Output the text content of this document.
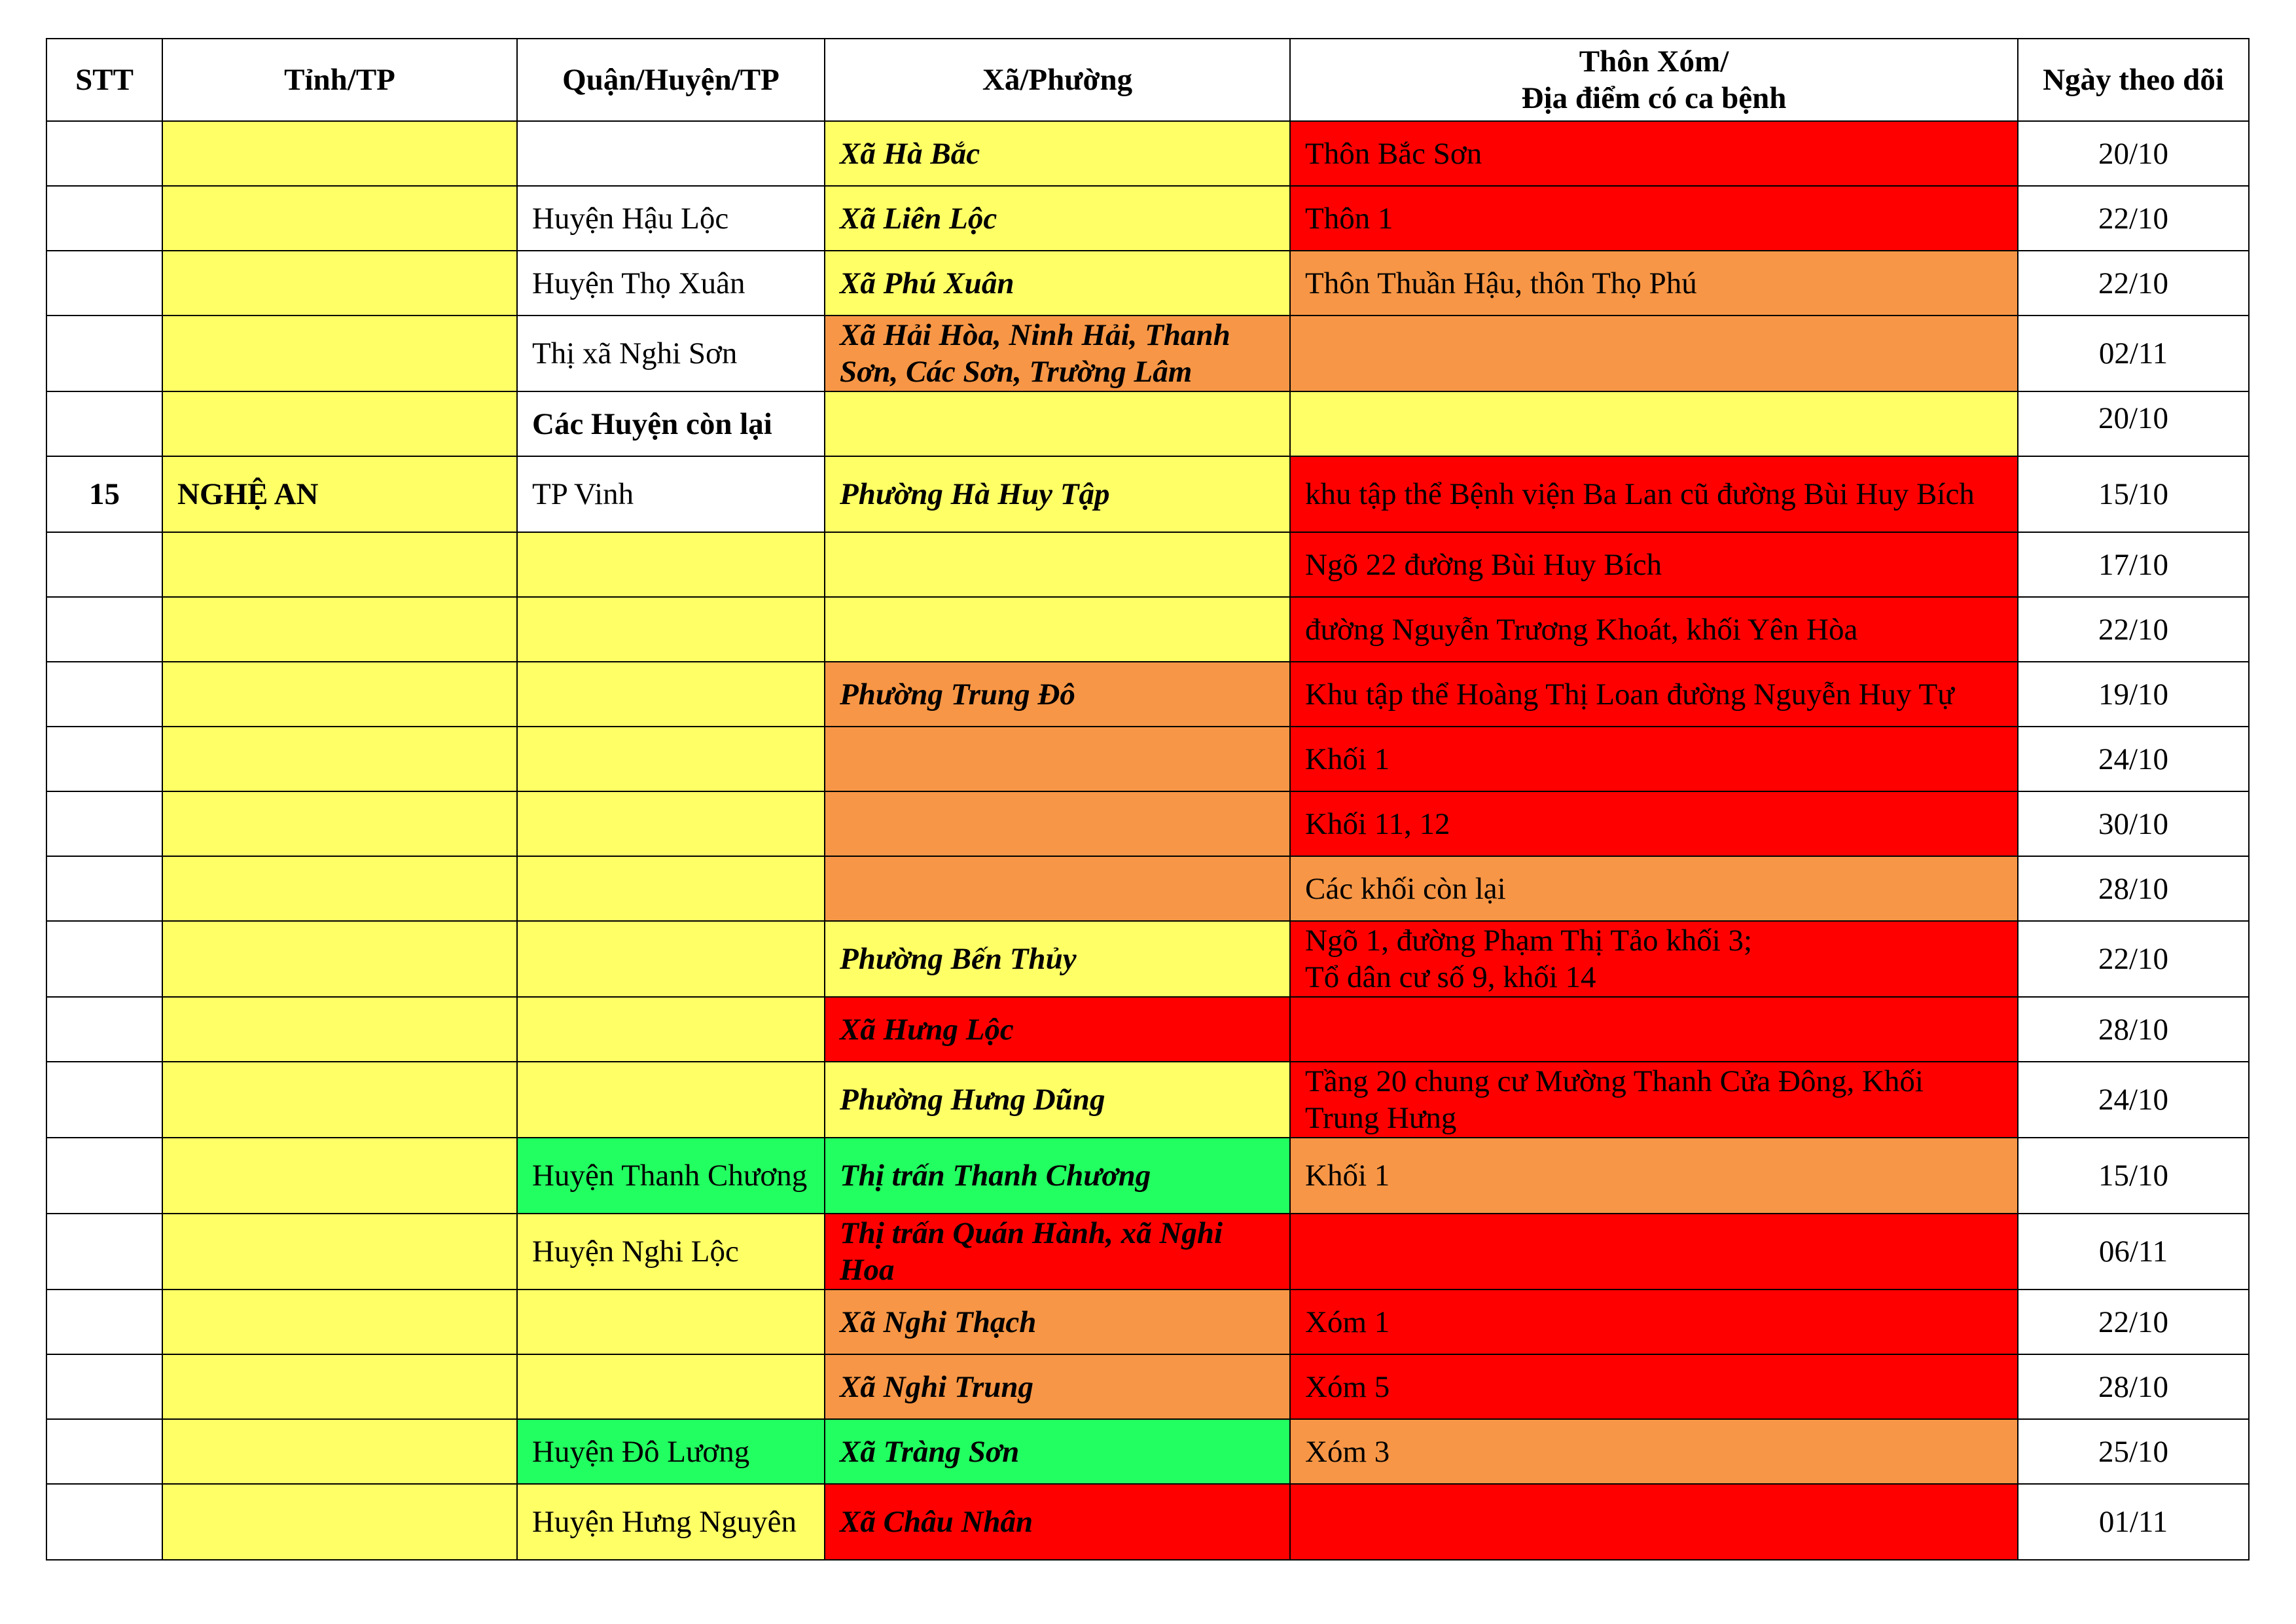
STT	Tỉnh/TP	Quận/Huyện/TP	Xã/Phường	Thôn Xóm/
Địa điểm có ca bệnh	Ngày theo dõi
			Xã Hà Bắc	Thôn Bắc Sơn	20/10
		Huyện Hậu Lộc	Xã Liên Lộc	Thôn 1	22/10
		Huyện Thọ Xuân	Xã Phú Xuân	Thôn Thuần Hậu, thôn Thọ Phú	22/10
		Thị xã Nghi Sơn	Xã Hải Hòa, Ninh Hải, Thanh Sơn, Các Sơn, Trường Lâm		02/11
		Các Huyện còn lại			20/10
15	NGHỆ AN	TP Vinh	Phường Hà Huy Tập	khu tập thể Bệnh viện Ba Lan cũ đường Bùi Huy Bích	15/10
				Ngõ 22 đường Bùi Huy Bích	17/10
				đường Nguyễn Trương Khoát, khối Yên Hòa	22/10
			Phường Trung Đô	Khu tập thể Hoàng Thị Loan đường Nguyễn Huy Tự	19/10
				Khối 1	24/10
				Khối 11, 12	30/10
				Các khối còn lại	28/10
			Phường Bến Thủy	Ngõ 1, đường Phạm Thị Tảo khối 3;
Tổ dân cư số 9, khối 14	22/10
			Xã Hưng Lộc		28/10
			Phường Hưng Dũng	Tầng 20 chung cư Mường Thanh Cửa Đông, Khối Trung Hưng	24/10
		Huyện Thanh Chương	Thị trấn Thanh Chương	Khối 1	15/10
		Huyện Nghi Lộc	Thị trấn Quán Hành, xã Nghi Hoa		06/11
			Xã Nghi Thạch	Xóm 1	22/10
			Xã Nghi Trung	Xóm 5	28/10
		Huyện Đô Lương	Xã Tràng Sơn	Xóm 3	25/10
		Huyện Hưng Nguyên	Xã Châu Nhân		01/11
